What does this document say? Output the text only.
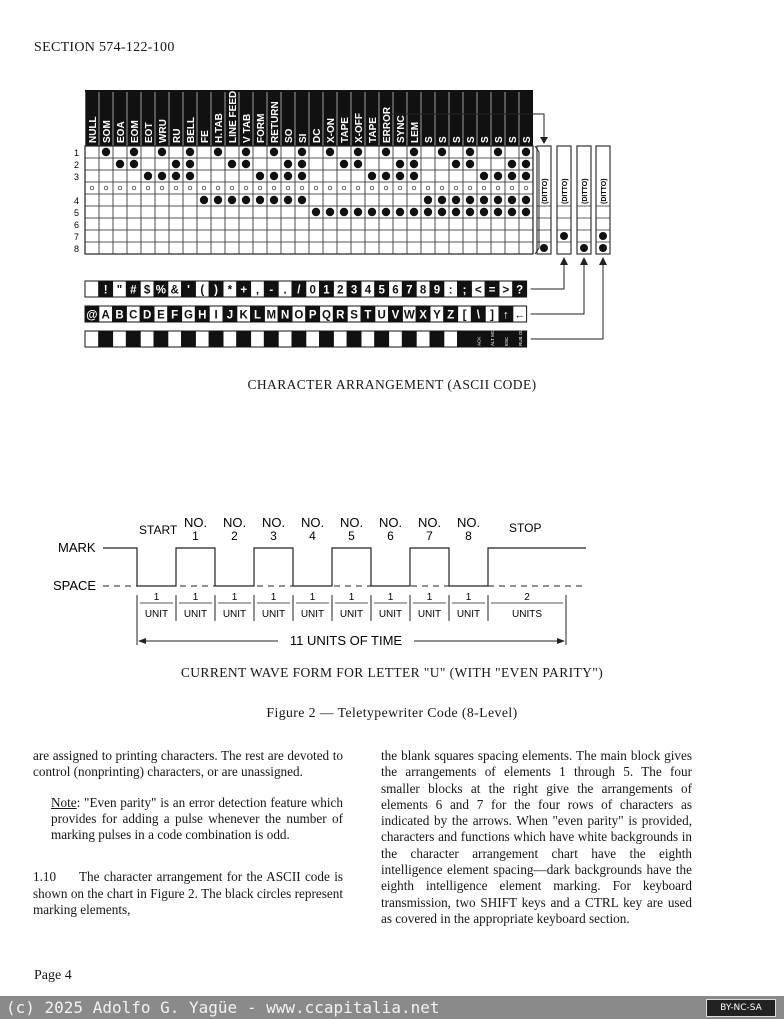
SECTION 574-122-100
NULL SOM EOA EOM EOT WRU RU BELL FE H.TAB LINE FEED V TAB FORM RETURN SO SI DC X-ON TAPE X-OFF TAPE ERROR SYNC LEM S S S S S S S S
1
2
3
4
5
6
7
8
(DITTO) (DITTO) (DITTO) (DITTO)
! " # $ % & ' ( ) * + , - . / 0 1 2 3 4 5 6 7 8 9 : ; < = > ?
@ A B C D E F G H I J K L M N O P Q R S T U V W X Y Z [ \ ] ↑ ←
ACK ALT MODE ESC RUB OUT
CHARACTER ARRANGEMENT (ASCII CODE)
MARK
SPACE
START	STOP
NO.
1
NO.
2
NO.
3
NO.
4
NO.
5
NO.
6
NO.
7
NO.
8
1
UNIT
1
UNIT
1
UNIT
1
UNIT
1
UNIT
1
UNIT
1
UNIT
1
UNIT
1
UNIT
2
UNITS
11 UNITS OF TIME
CURRENT WAVE FORM FOR LETTER "U" (WITH "EVEN PARITY")
Figure 2 — Teletypewriter Code (8-Level)

are assigned to printing characters. The rest are devoted to control (nonprinting) characters, or are unassigned.

Note: "Even parity" is an error detection feature which provides for adding a pulse whenever the number of marking pulses in a code combination is odd.

1.10 The character arrangement for the ASCII code is shown on the chart in Figure 2. The black circles represent marking elements,

the blank squares spacing elements. The main block gives the arrangements of elements 1 through 5. The four smaller blocks at the right give the arrangements of elements 6 and 7 for the four rows of characters as indicated by the arrows. When "even parity" is provided, characters and functions which have white backgrounds in the character arrangement chart have the eighth intelligence element spacing—dark backgrounds have the eighth intelligence element marking. For keyboard transmission, two SHIFT keys and a CTRL key are used as covered in the appropriate keyboard section.

Page 4
(c) 2025 Adolfo G. Yagüe - www.ccapitalia.net	BY-NC-SA
